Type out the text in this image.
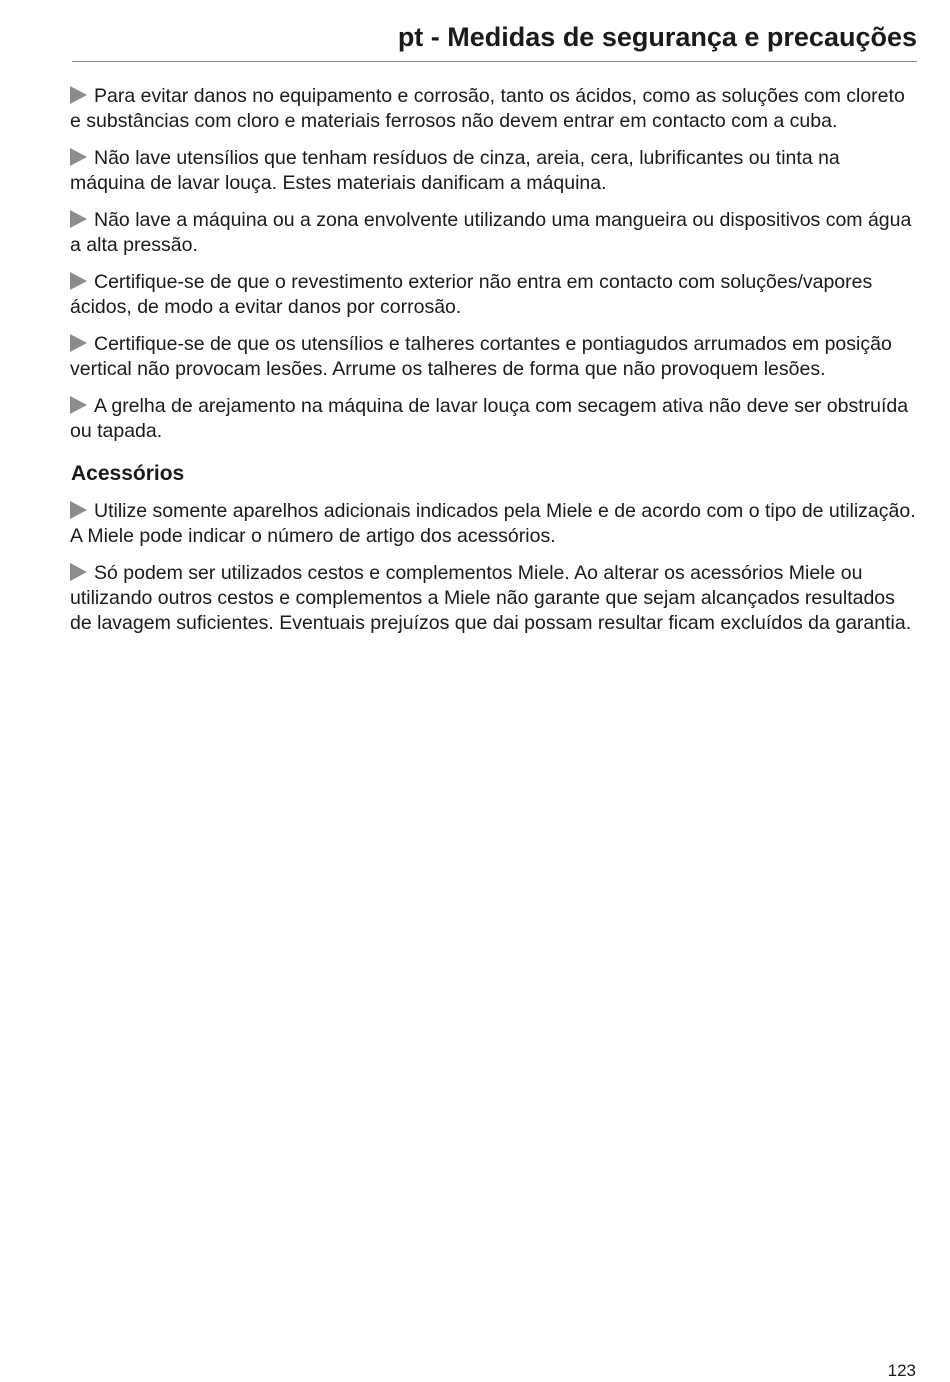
pt - Medidas de segurança e precauções

Para evitar danos no equipamento e corrosão, tanto os ácidos, como as soluções com cloreto e substâncias com cloro e materiais ferrosos não devem entrar em contacto com a cuba.

Não lave utensílios que tenham resíduos de cinza, areia, cera, lubrificantes ou tinta na máquina de lavar louça. Estes materiais danificam a máquina.

Não lave a máquina ou a zona envolvente utilizando uma mangueira ou dispositivos com água a alta pressão.

Certifique-se de que o revestimento exterior não entra em contacto com soluções/vapores ácidos, de modo a evitar danos por corrosão.

Certifique-se de que os utensílios e talheres cortantes e pontiagudos arrumados em posição vertical não provocam lesões. Arrume os talheres de forma que não provoquem lesões.

A grelha de arejamento na máquina de lavar louça com secagem ativa não deve ser obstruída ou tapada.

Acessórios

Utilize somente aparelhos adicionais indicados pela Miele e de acordo com o tipo de utilização. A Miele pode indicar o número de artigo dos acessórios.

Só podem ser utilizados cestos e complementos Miele. Ao alterar os acessórios Miele ou utilizando outros cestos e complementos a Miele não garante que sejam alcançados resultados de lavagem suficientes. Eventuais prejuízos que dai possam resultar ficam excluídos da garantia.

123
